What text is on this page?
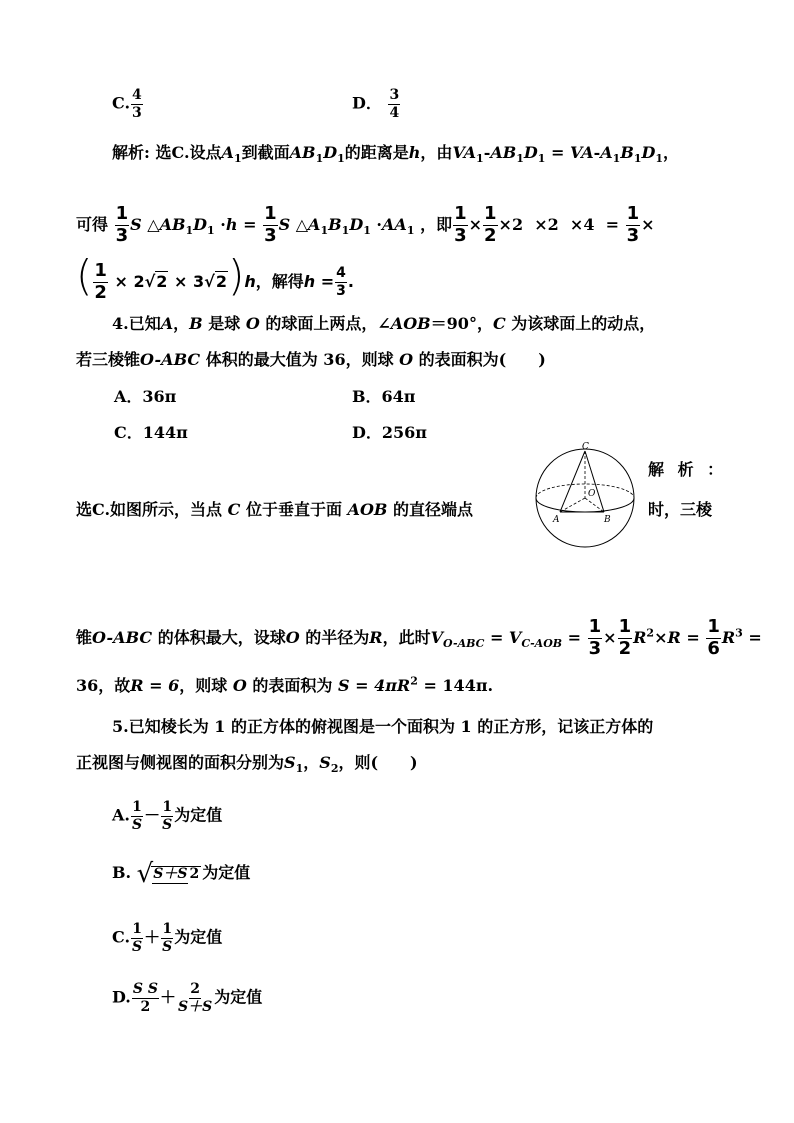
C. $\frac{4}{3}$	D． $\frac{3}{4}$
解析: 选C.设点$A_1$到截面$AB_1D_1$的距离是h，由$VA_1-AB_1D_1 = VA-A_1B_1D_1$，
可得 $\frac{1}{3}$ S $\triangle AB_1D_1 \cdot h = \frac{1}{3}$ S $\triangle A_1B_1D_1 \cdot AA_1$ ，即 $\frac{1}{3} \times \frac{1}{2} \times 2 \times 2 \times 4 = \frac{1}{3}$ ×
( $\frac{1}{2} \times 2√2 \times 3√2)h$，解得$h = \frac{4}{3}$ .
4.已知A，B 是球 O 的球面上两点，∠AOB＝90°，C 为该球面上的动点，
若三棱锥O-ABC 体积的最大值为 36，则球 O 的表面积为(　　)
A．36π	B．64π
C．144π	D．256π
C
O
A	B
解 析 ：
选C.如图所示，当点 C 位于垂直于面 AOB 的直径端点	时，三棱
锥O-ABC 的体积最大，设球O 的半径为R，此时$V_{O-ABC} = V_{C-AOB} = \frac{1}{3} \times \frac{1}{2} R^2\times R = \frac{1}{6} R^3$ =
36，故R = 6，则球 O 的表面积为 $S = 4\pi R^2 = 144\pi$.
5.已知棱长为 1 的正方体的俯视图是一个面积为 1 的正方形，记该正方体的
正视图与侧视图的面积分别为$S_1$，$S_2$，则(　　)
A. $\frac{1}{S} - \frac{1}{S}$ 为定值
B. √S＋S 2 为定值
C. $\frac{1}{S} + \frac{1}{S}$ 为定值
D. $\frac{\text{S S}}{2} + \frac{2}{S+S}$ 为定值
